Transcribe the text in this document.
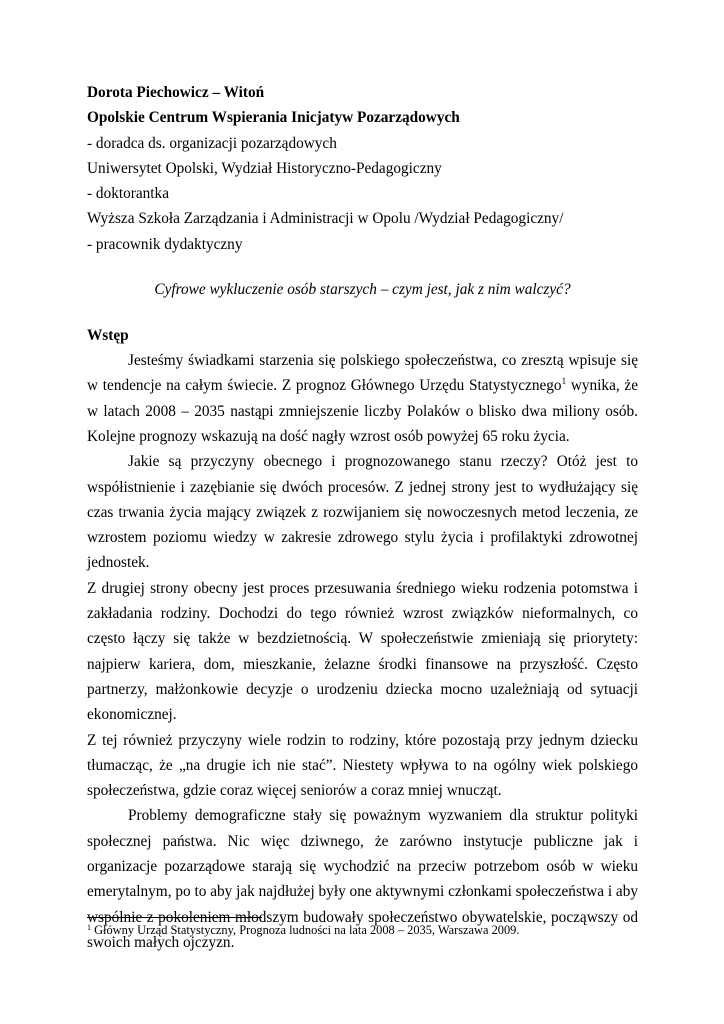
Dorota Piechowicz – Witoń
Opolskie Centrum Wspierania Inicjatyw Pozarządowych
- doradca ds. organizacji pozarządowych
Uniwersytet Opolski, Wydział Historyczno-Pedagogiczny
- doktorantka
Wyższa Szkoła Zarządzania i Administracji w Opolu /Wydział Pedagogiczny/
- pracownik dydaktyczny
Cyfrowe wykluczenie osób starszych – czym jest, jak z nim walczyć?
Wstęp

Jesteśmy świadkami starzenia się polskiego społeczeństwa, co zresztą wpisuje się w tendencje na całym świecie. Z prognoz Głównego Urzędu Statystycznego$^1$ wynika, że w latach 2008 – 2035 nastąpi zmniejszenie liczby Polaków o blisko dwa miliony osób. Kolejne prognozy wskazują na dość nagły wzrost osób powyżej 65 roku życia.

Jakie są przyczyny obecnego i prognozowanego stanu rzeczy? Otóż jest to współistnienie i zazębianie się dwóch procesów. Z jednej strony jest to wydłużający się czas trwania życia mający związek z rozwijaniem się nowoczesnych metod leczenia, ze wzrostem poziomu wiedzy w zakresie zdrowego stylu życia i profilaktyki zdrowotnej jednostek.

Z drugiej strony obecny jest proces przesuwania średniego wieku rodzenia potomstwa i zakładania rodziny. Dochodzi do tego również wzrost związków nieformalnych, co często łączy się także w bezdzietnością. W społeczeństwie zmieniają się priorytety: najpierw kariera, dom, mieszkanie, żelazne środki finansowe na przyszłość. Często partnerzy, małżonkowie decyzje o urodzeniu dziecka mocno uzależniają od sytuacji ekonomicznej.

Z tej również przyczyny wiele rodzin to rodziny, które pozostają przy jednym dziecku tłumacząc, że „na drugie ich nie stać”. Niestety wpływa to na ogólny wiek polskiego społeczeństwa, gdzie coraz więcej seniorów a coraz mniej wnucząt.

Problemy demograficzne stały się poważnym wyzwaniem dla struktur polityki społecznej państwa. Nic więc dziwnego, że zarówno instytucje publiczne jak i organizacje pozarządowe starają się wychodzić na przeciw potrzebom osób w wieku emerytalnym, po to aby jak najdłużej były one aktywnymi członkami społeczeństwa i aby wspólnie z pokoleniem młodszym budowały społeczeństwo obywatelskie, począwszy od swoich małych ojczyzn.

$^1$ Główny Urząd Statystyczny, Prognoza ludności na lata 2008 – 2035, Warszawa 2009.
